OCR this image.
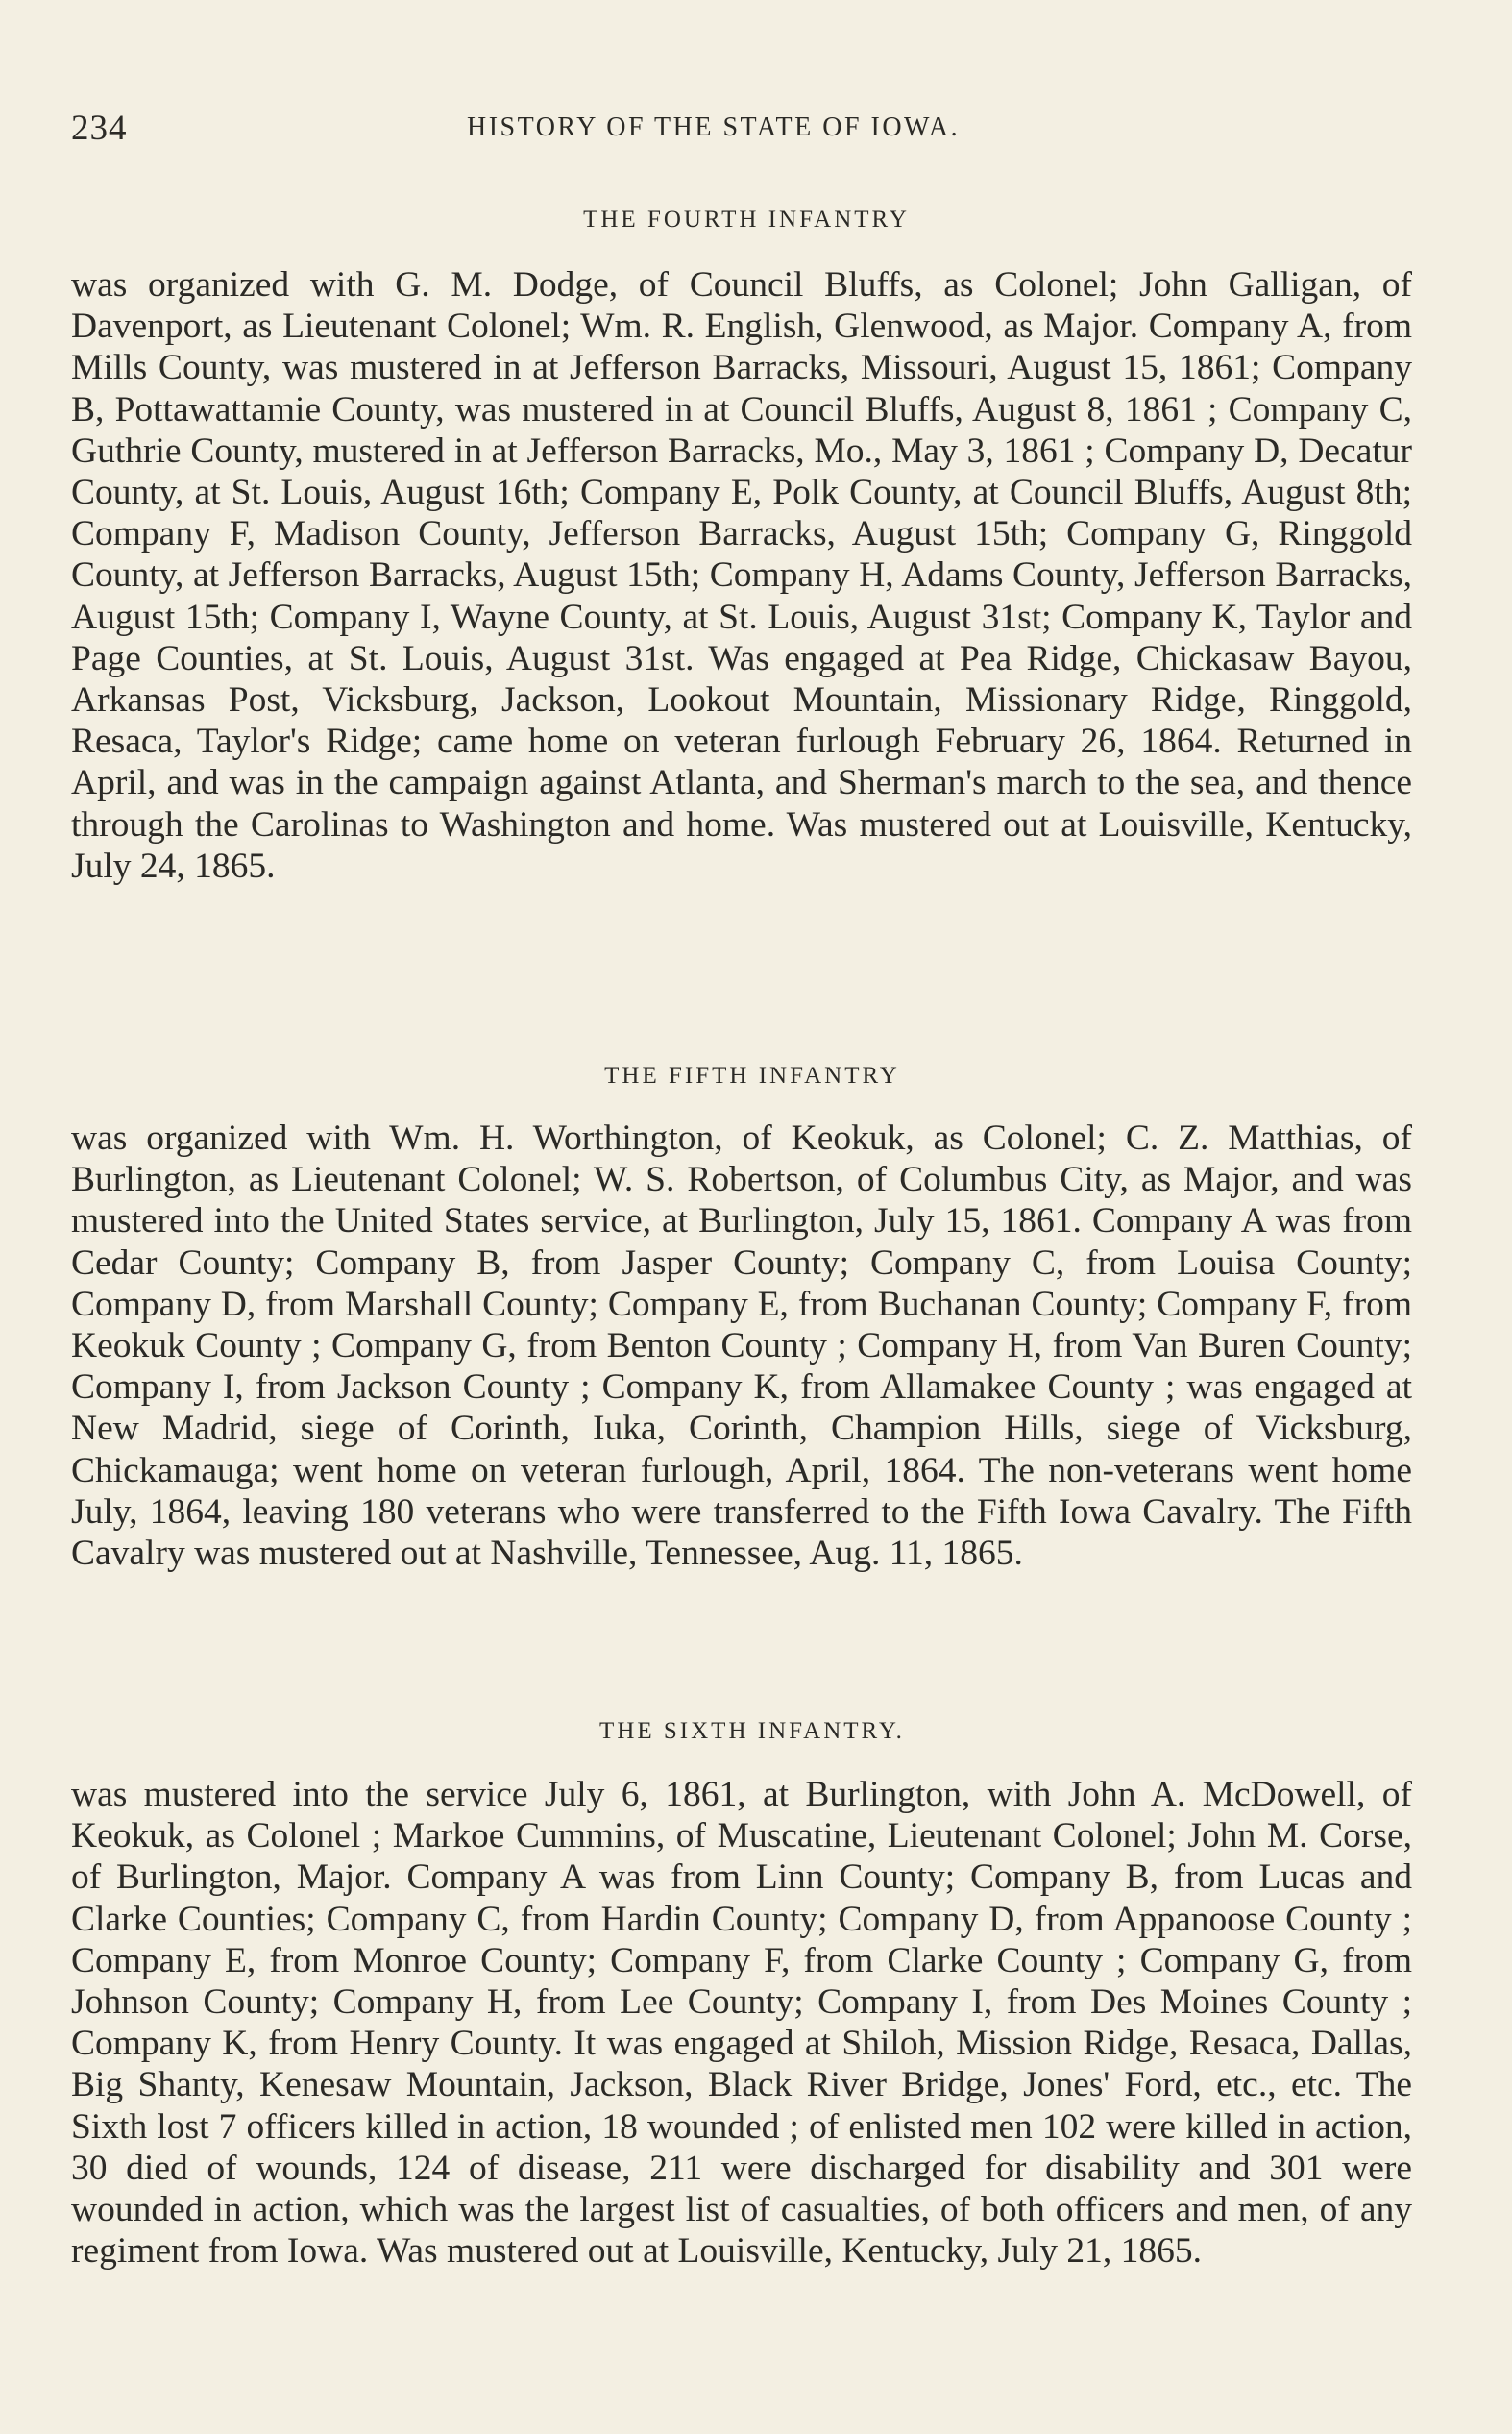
234	HISTORY OF THE STATE OF IOWA.
THE FOURTH INFANTRY

was organized with G. M. Dodge, of Council Bluffs, as Colonel; John Galligan, of Davenport, as Lieutenant Colonel; Wm. R. English, Glenwood, as Major. Company A, from Mills County, was mustered in at Jefferson Barracks, Missouri, August 15, 1861; Company B, Pottawattamie County, was mustered in at Council Bluffs, August 8, 1861 ; Company C, Guthrie County, mustered in at Jefferson Barracks, Mo., May 3, 1861 ; Company D, Decatur County, at St. Louis, August 16th; Company E, Polk County, at Council Bluffs, August 8th; Company F, Madison County, Jefferson Barracks, August 15th; Company G, Ringgold County, at Jefferson Barracks, August 15th; Company H, Adams County, Jefferson Barracks, August 15th; Company I, Wayne County, at St. Louis, August 31st; Company K, Taylor and Page Counties, at St. Louis, August 31st. Was engaged at Pea Ridge, Chickasaw Bayou, Arkansas Post, Vicksburg, Jackson, Lookout Mountain, Missionary Ridge, Ringgold, Resaca, Taylor's Ridge; came home on veteran furlough February 26, 1864. Returned in April, and was in the campaign against Atlanta, and Sherman's march to the sea, and thence through the Carolinas to Washington and home. Was mustered out at Louisville, Kentucky, July 24, 1865.

THE FIFTH INFANTRY

was organized with Wm. H. Worthington, of Keokuk, as Colonel; C. Z. Matthias, of Burlington, as Lieutenant Colonel; W. S. Robertson, of Columbus City, as Major, and was mustered into the United States service, at Burlington, July 15, 1861. Company A was from Cedar County; Company B, from Jasper County; Company C, from Louisa County; Company D, from Marshall County; Company E, from Buchanan County; Company F, from Keokuk County ; Company G, from Benton County ; Company H, from Van Buren County; Company I, from Jackson County ; Company K, from Allamakee County ; was engaged at New Madrid, siege of Corinth, Iuka, Corinth, Champion Hills, siege of Vicksburg, Chickamauga; went home on veteran furlough, April, 1864. The non-veterans went home July, 1864, leaving 180 veterans who were transferred to the Fifth Iowa Cavalry. The Fifth Cavalry was mustered out at Nashville, Tennessee, Aug. 11, 1865.

THE SIXTH INFANTRY.

was mustered into the service July 6, 1861, at Burlington, with John A. McDowell, of Keokuk, as Colonel ; Markoe Cummins, of Muscatine, Lieutenant Colonel; John M. Corse, of Burlington, Major. Company A was from Linn County; Company B, from Lucas and Clarke Counties; Company C, from Hardin County; Company D, from Appanoose County ; Company E, from Monroe County; Company F, from Clarke County ; Company G, from Johnson County; Company H, from Lee County; Company I, from Des Moines County ; Company K, from Henry County. It was engaged at Shiloh, Mission Ridge, Resaca, Dallas, Big Shanty, Kenesaw Mountain, Jackson, Black River Bridge, Jones' Ford, etc., etc. The Sixth lost 7 officers killed in action, 18 wounded ; of enlisted men 102 were killed in action, 30 died of wounds, 124 of disease, 211 were discharged for disability and 301 were wounded in action, which was the largest list of casualties, of both officers and men, of any regiment from Iowa. Was mustered out at Louisville, Kentucky, July 21, 1865.
